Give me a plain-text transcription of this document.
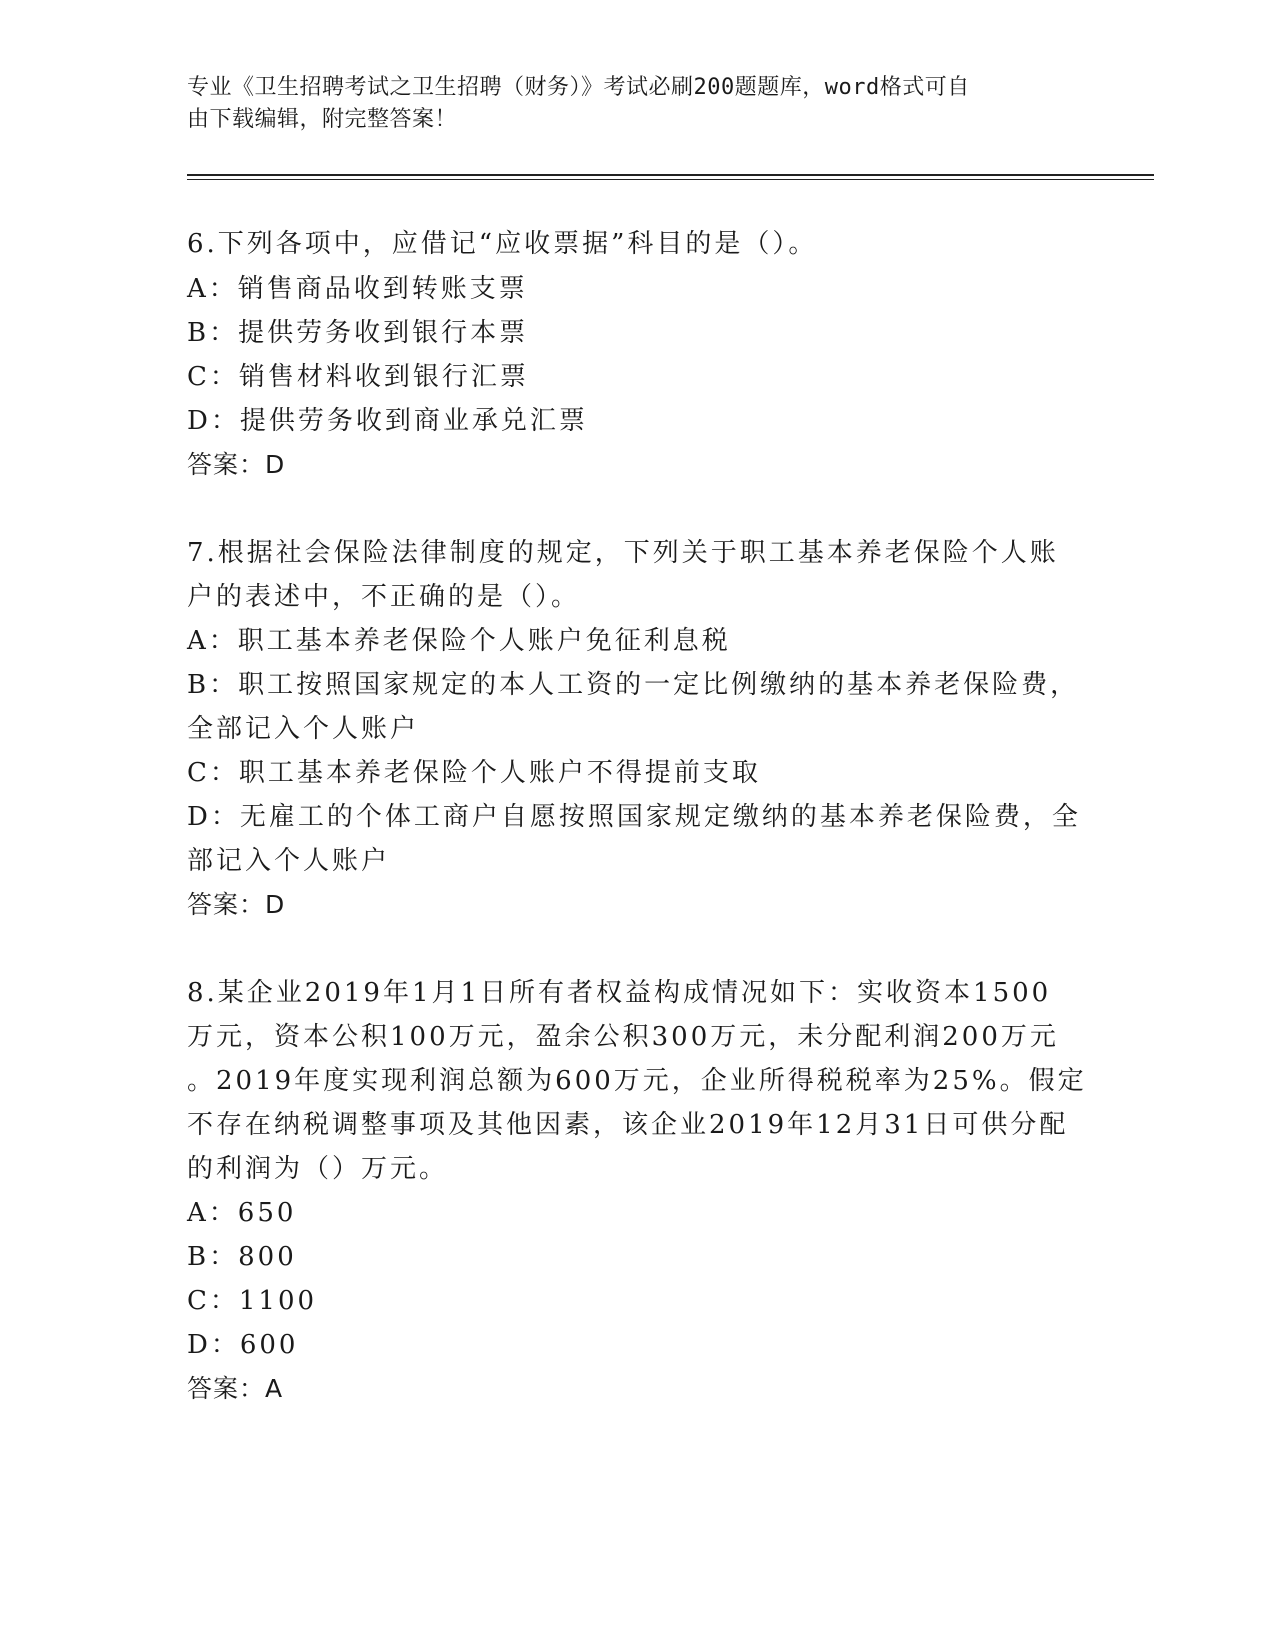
专业《卫生招聘考试之卫生招聘（财务）》考试必刷200题题库，word格式可自
由下载编辑，附完整答案！
6.下列各项中，应借记“应收票据”科目的是（）。
A：销售商品收到转账支票
B：提供劳务收到银行本票
C：销售材料收到银行汇票
D：提供劳务收到商业承兑汇票
答案：D
7.根据社会保险法律制度的规定，下列关于职工基本养老保险个人账
户的表述中，不正确的是（）。
A：职工基本养老保险个人账户免征利息税
B：职工按照国家规定的本人工资的一定比例缴纳的基本养老保险费，
全部记入个人账户
C：职工基本养老保险个人账户不得提前支取
D：无雇工的个体工商户自愿按照国家规定缴纳的基本养老保险费，全
部记入个人账户
答案：D
8.某企业2019年1月1日所有者权益构成情况如下：实收资本1500
万元，资本公积100万元，盈余公积300万元，未分配利润200万元
。2019年度实现利润总额为600万元，企业所得税税率为25%。假定
不存在纳税调整事项及其他因素，该企业2019年12月31日可供分配
的利润为（）万元。
A：650
B：800
C：1100
D：600
答案：A
